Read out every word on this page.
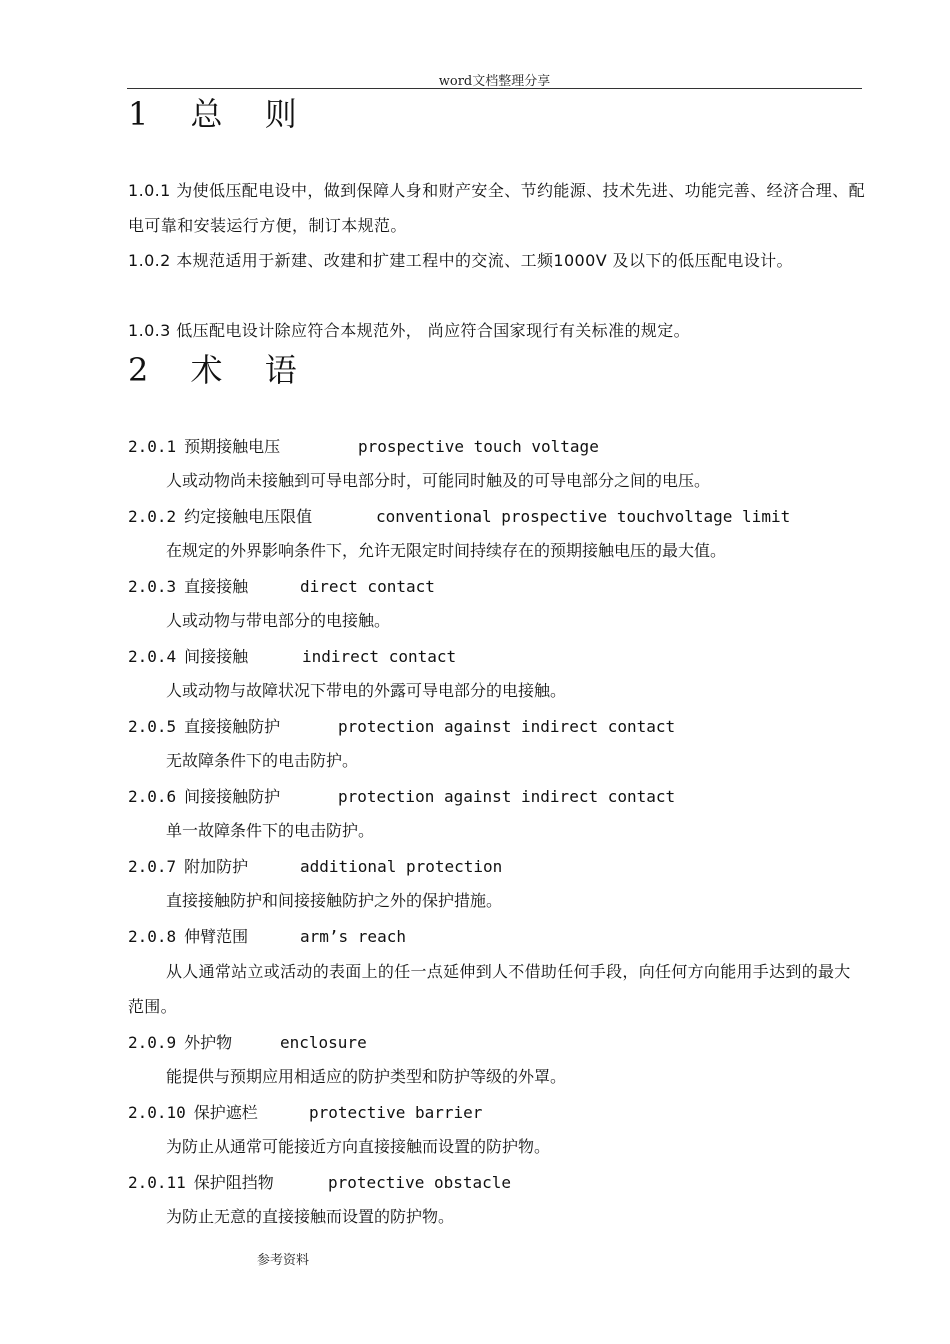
word文档整理分享
1 总 则
1.0.1 为使低压配电设中，做到保障人身和财产安全、节约能源、技术先进、功能完善、经济合理、配电可靠和安装运行方便，制订本规范。
1.0.2 本规范适用于新建、改建和扩建工程中的交流、工频1000V 及以下的低压配电设计。
1.0.3 低压配电设计除应符合本规范外， 尚应符合国家现行有关标准的规定。
2 术 语
2.0.1 预期接触电压	prospective touch voltage
人或动物尚未接触到可导电部分时，可能同时触及的可导电部分之间的电压。
2.0.2 约定接触电压限值	conventional prospective touchvoltage limit
在规定的外界影响条件下，允许无限定时间持续存在的预期接触电压的最大值。
2.0.3 直接接触	direct contact
人或动物与带电部分的电接触。
2.0.4 间接接触	indirect contact
人或动物与故障状况下带电的外露可导电部分的电接触。
2.0.5 直接接触防护	protection against indirect contact
无故障条件下的电击防护。
2.0.6 间接接触防护	protection against indirect contact
单一故障条件下的电击防护。
2.0.7 附加防护	additional protection
直接接触防护和间接接触防护之外的保护措施。
2.0.8 伸臂范围	arm’s reach
从人通常站立或活动的表面上的任一点延伸到人不借助任何手段，向任何方向能用手达到的最大范围。
2.0.9 外护物	enclosure
能提供与预期应用相适应的防护类型和防护等级的外罩。
2.0.10 保护遮栏	protective barrier
为防止从通常可能接近方向直接接触而设置的防护物。
2.0.11 保护阻挡物	protective obstacle
为防止无意的直接接触而设置的防护物。
参考资料
